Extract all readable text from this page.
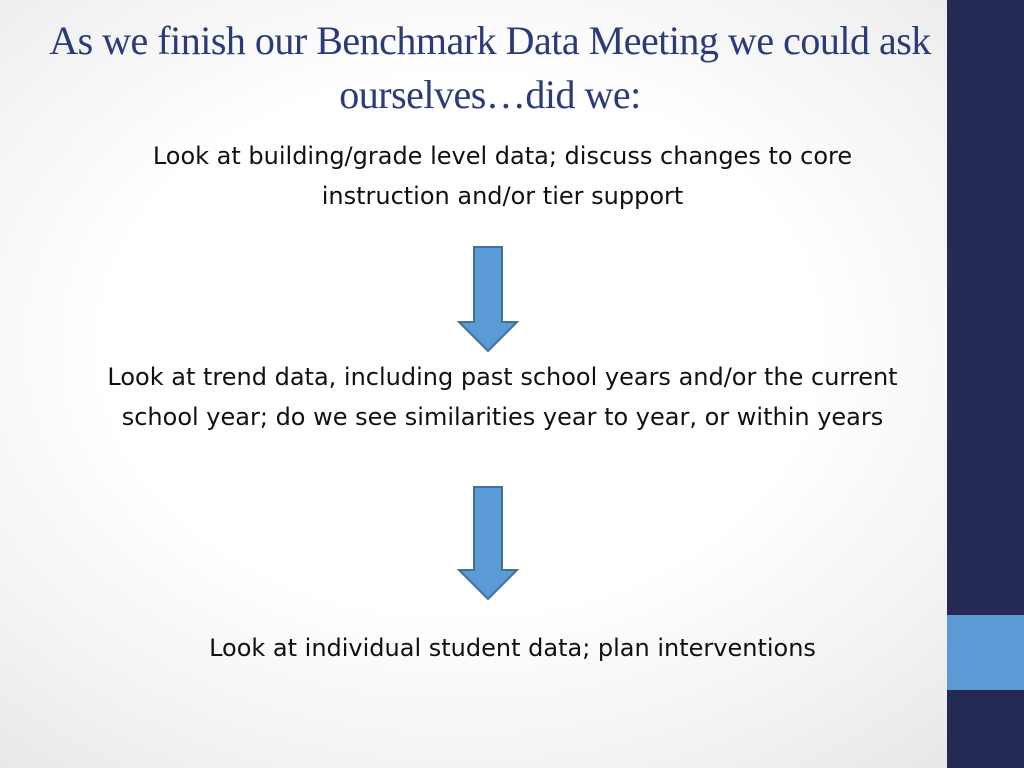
As we finish our Benchmark Data Meeting we could ask ourselves…did we:
Look at building/grade level data; discuss changes to core instruction and/or tier support
Look at trend data, including past school years and/or the current school year; do we see similarities year to year, or within years
Look at individual student data; plan interventions
